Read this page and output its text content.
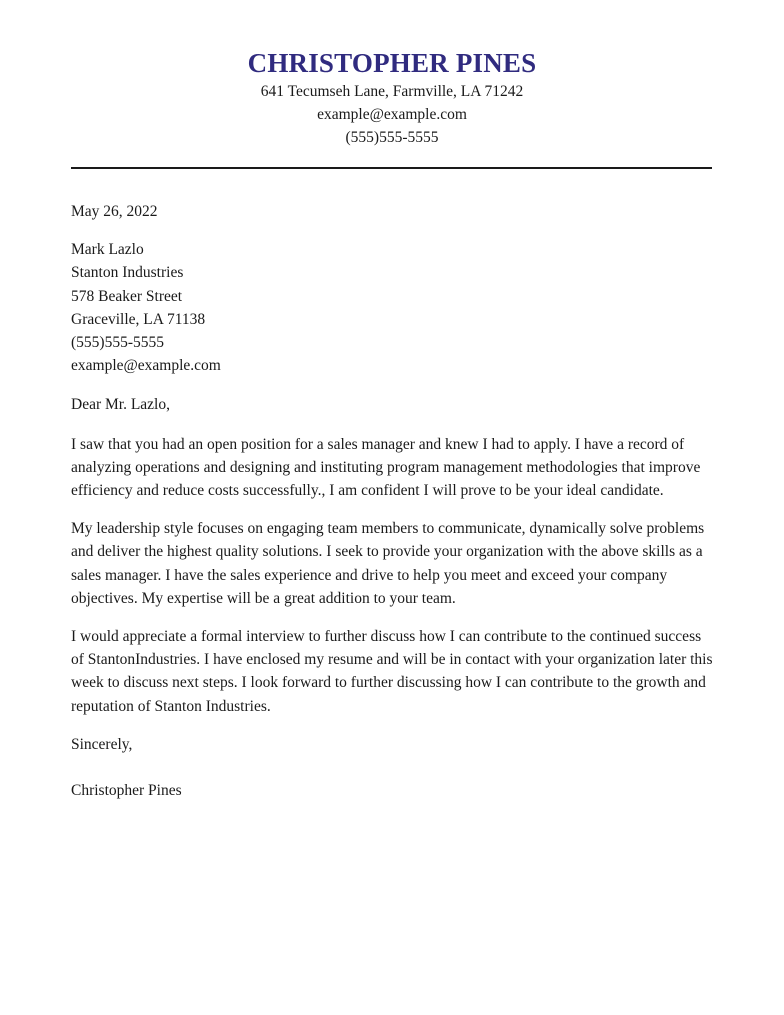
CHRISTOPHER PINES
641 Tecumseh Lane, Farmville, LA 71242
example@example.com
(555)555-5555
May 26, 2022
Mark Lazlo
Stanton Industries
578 Beaker Street
Graceville, LA 71138
(555)555-5555
example@example.com
Dear Mr. Lazlo,

I saw that you had an open position for a sales manager and knew I had to apply. I have a record of analyzing operations and designing and instituting program management methodologies that improve efficiency and reduce costs successfully., I am confident I will prove to be your ideal candidate.

My leadership style focuses on engaging team members to communicate, dynamically solve problems and deliver the highest quality solutions. I seek to provide your organization with the above skills as a sales manager. I have the sales experience and drive to help you meet and exceed your company objectives. My expertise will be a great addition to your team.

I would appreciate a formal interview to further discuss how I can contribute to the continued success of StantonIndustries. I have enclosed my resume and will be in contact with your organization later this week to discuss next steps. I look forward to further discussing how I can contribute to the growth and reputation of Stanton Industries.

Sincerely,
Christopher Pines
